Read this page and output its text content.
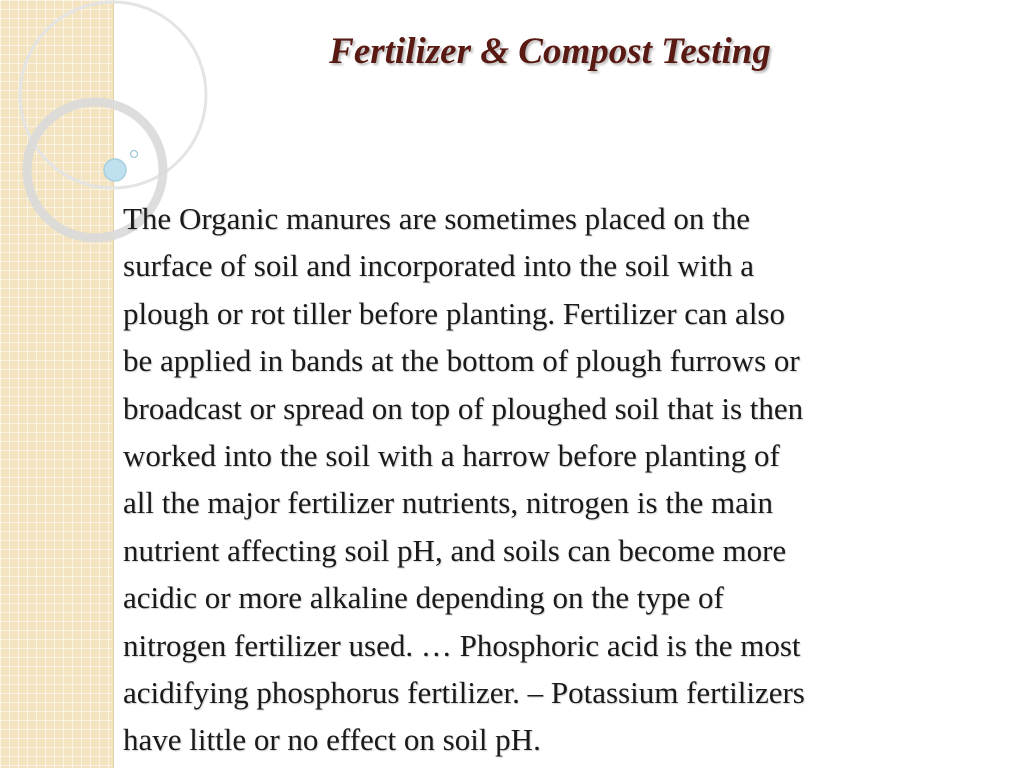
Fertilizer & Compost Testing

The Organic manures are sometimes placed on the
surface of soil and incorporated into the soil with a
plough or rot tiller before planting. Fertilizer can also
be applied in bands at the bottom of plough furrows or
broadcast or spread on top of ploughed soil that is then
worked into the soil with a harrow before planting of
all the major fertilizer nutrients, nitrogen is the main
nutrient affecting soil pH, and soils can become more
acidic or more alkaline depending on the type of
nitrogen fertilizer used. … Phosphoric acid is the most
acidifying phosphorus fertilizer. – Potassium fertilizers
have little or no effect on soil pH.
